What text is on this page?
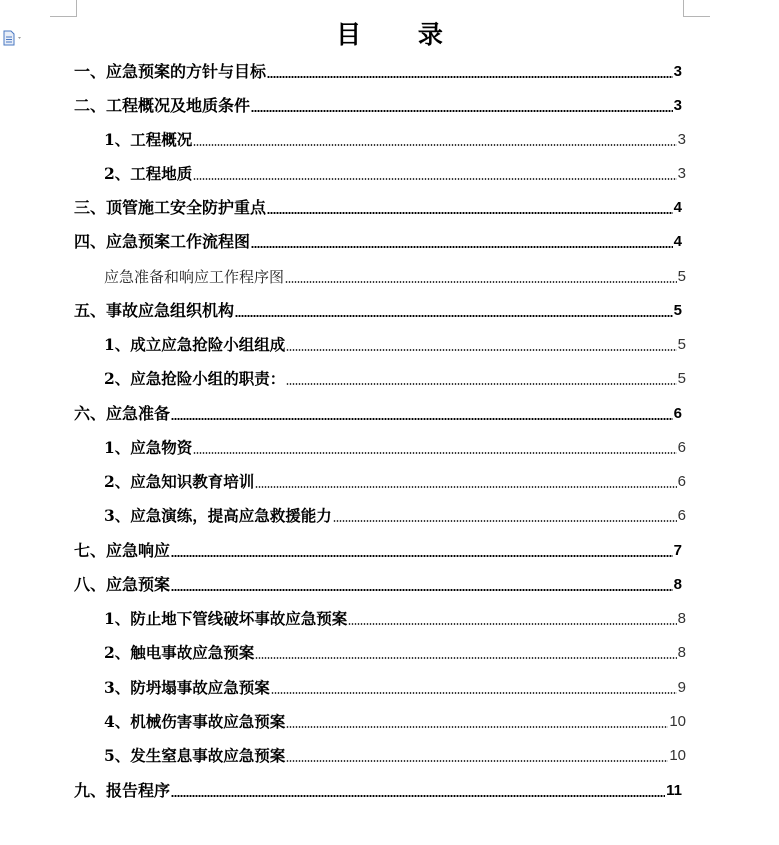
目 录
一、应急预案的方针与目标	3
二、工程概况及地质条件	3
1、工程概况	3
2、工程地质	3
三、顶管施工安全防护重点	4
四、应急预案工作流程图	4
应急准备和响应工作程序图	5
五、事故应急组织机构	5
1、成立应急抢险小组组成	5
2、应急抢险小组的职责：	5
六、应急准备	6
1、应急物资	6
2、应急知识教育培训	6
3、应急演练，提高应急救援能力	6
七、应急响应	7
八、应急预案	8
1、防止地下管线破坏事故应急预案	8
2、触电事故应急预案	8
3、防坍塌事故应急预案	9
4、机械伤害事故应急预案	10
5、发生窒息事故应急预案	10
九、报告程序	11
